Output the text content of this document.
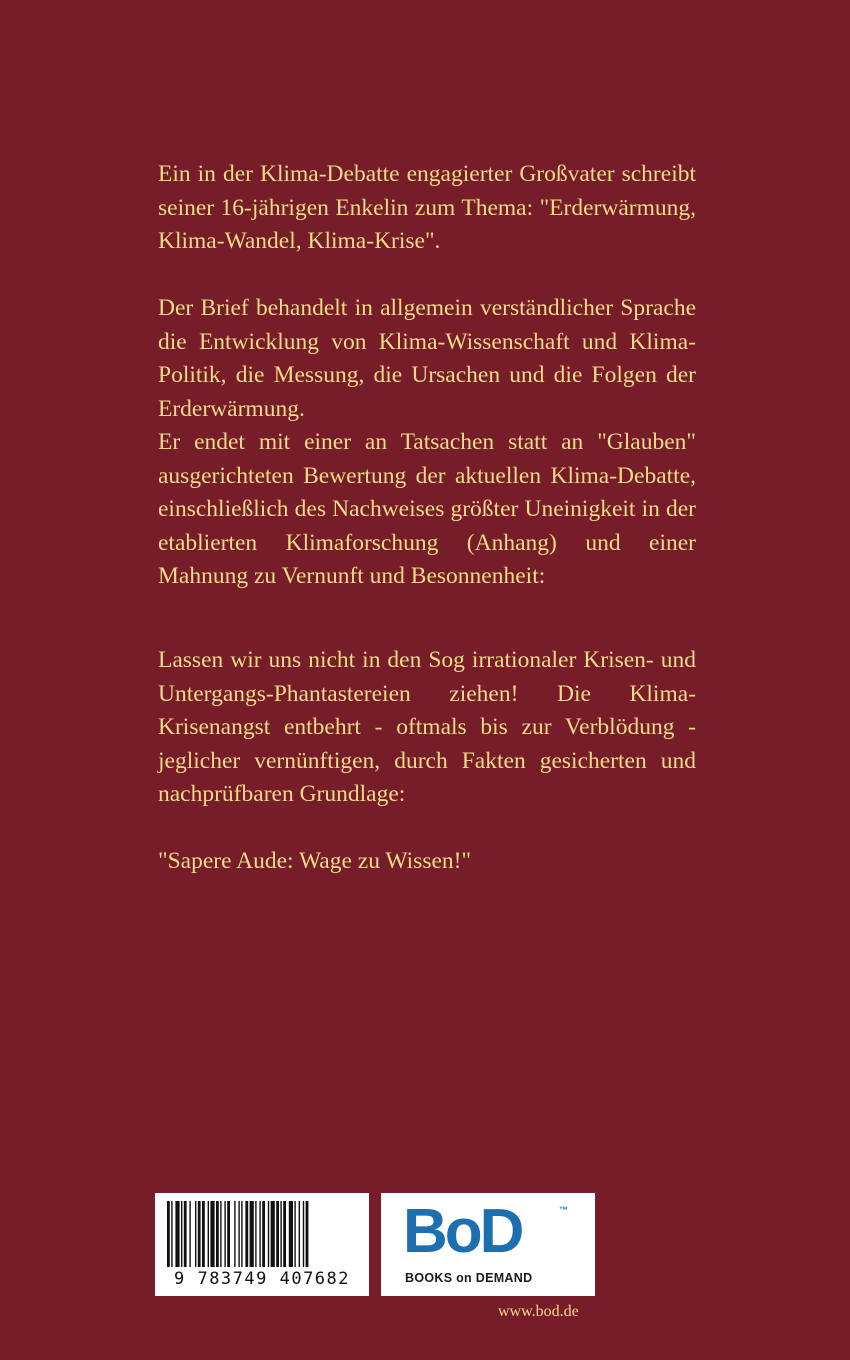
Ein in der Klima-Debatte engagierter Großvater schreibt seiner 16-jährigen Enkelin zum Thema: "Erderwärmung, Klima-Wandel, Klima-Krise".

Der Brief behandelt in allgemein verständlicher Sprache die Entwicklung von Klima-Wissenschaft und Klima-Politik, die Messung, die Ursachen und die Folgen der Erderwärmung.

Er endet mit einer an Tatsachen statt an "Glauben" ausgerichteten Bewertung der aktuellen Klima-Debatte, einschließlich des Nachweises größter Uneinigkeit in der etablierten Klimaforschung (Anhang) und einer Mahnung zu Vernunft und Besonnenheit:

Lassen wir uns nicht in den Sog irrationaler Krisen- und Untergangs-Phantastereien ziehen! Die Klima-Krisenangst entbehrt - oftmals bis zur Verblödung - jeglicher vernünftigen, durch Fakten gesicherten und nachprüfbaren Grundlage:

"Sapere Aude: Wage zu Wissen!"

9 783749 407682
BoD	™
BOOKS on DEMAND
www.bod.de
